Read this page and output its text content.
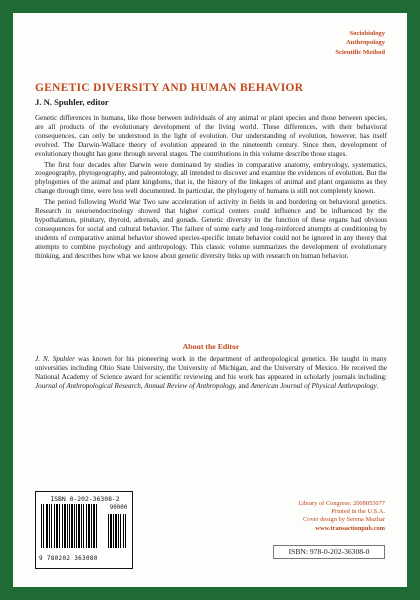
Sociobiology
Anthropology
Scientific Method
GENETIC DIVERSITY AND HUMAN BEHAVIOR
J. N. Spuhler, editor

Genetic differences in humans, like those between individuals of any animal or plant species and those between species, are all products of the evolutionary development of the living world. These differences, with their behavioral consequences, can only be understood in the light of evolution. Our understanding of evolution, however, has itself evolved. The Darwin-Wallace theory of evolution appeared in the nineteenth century. Since then, development of evolutionary thought has gone through several stages. The contributions in this volume describe those stages.

The first four decades after Darwin were dominated by studies in comparative anatomy, embryology, systematics, zoogeography, phytogeography, and paleontology, all intended to discover and examine the evidences of evolution. But the phylogenies of the animal and plant kingdoms, that is, the history of the linkages of animal and plant organisms as they change through time, were less well documented. In particular, the phylogeny of humans is still not completely known.

The period following World War Two saw acceleration of activity in fields in and bordering on behavioral genetics. Research in neuroendocrinology showed that higher cortical centers could influence and be influenced by the hypothalamus, pituitary, thyroid, adrenals, and gonads. Genetic diversity in the function of these organs had obvious consequences for social and cultural behavior. The failure of some early and long-reinforced attempts at conditioning by students of comparative animal behavior showed species-specific innate behavior could not be ignored in any theory that attempts to combine psychology and anthropology. This classic volume summarizes the development of evolutionary thinking, and describes how what we know about genetic diversity links up with research on human behavior.

About the Editor

J. N. Spuhler was known for his pioneering work in the department of anthropological genetics. He taught in many universities including Ohio State University, the University of Michigan, and the University of Mexico. He received the National Academy of Science award for scientific reviewing and his work has appeared in scholarly journals including: Journal of Anthropological Research, Annual Review of Anthropology, and American Journal of Physical Anthropology.

ISBN 0-202-36308-2
90000
9 780202 363080
Library of Congress: 2008055077
Printed in the U.S.A.
Cover design by Serena Mazhar
www.transactionpub.com
ISBN: 978-0-202-36308-0
